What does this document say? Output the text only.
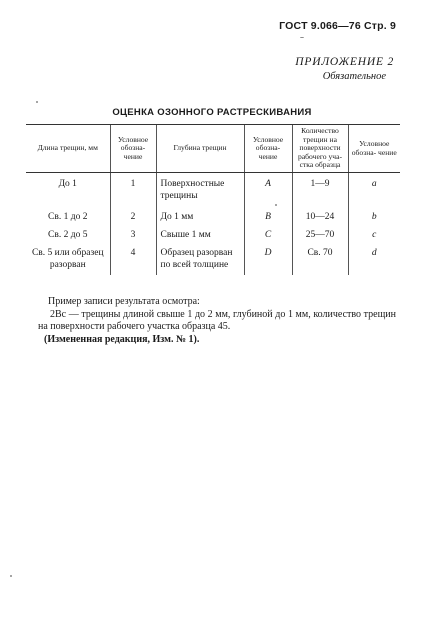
ГОСТ 9.066—76 Стр. 9
ПРИЛОЖЕНИЕ 2
Обязательное
ОЦЕНКА ОЗОННОГО РАСТРЕСКИВАНИЯ
Длина трещин, мм	Условное обозна- чение	Глубина трещин	Условное обозна- чение	Количество трещин на поверхности рабочего уча- стка образца	Условное обозна- чение
До 1	1	Поверхностные трещины	A	1—9	a
Св. 1 до 2	2	До 1 мм	B	10—24	b
Св. 2 до 5	3	Свыше 1 мм	C	25—70	c
Св. 5 или образец разорван	4	Образец разорван по всей толщине	D	Св. 70	d

Пример записи результата осмотра:

2Bc — трещины длиной свыше 1 до 2 мм, глубиной до 1 мм, количество трещин на поверхности рабочего участка образца 45.

(Измененная редакция, Изм. № 1).
